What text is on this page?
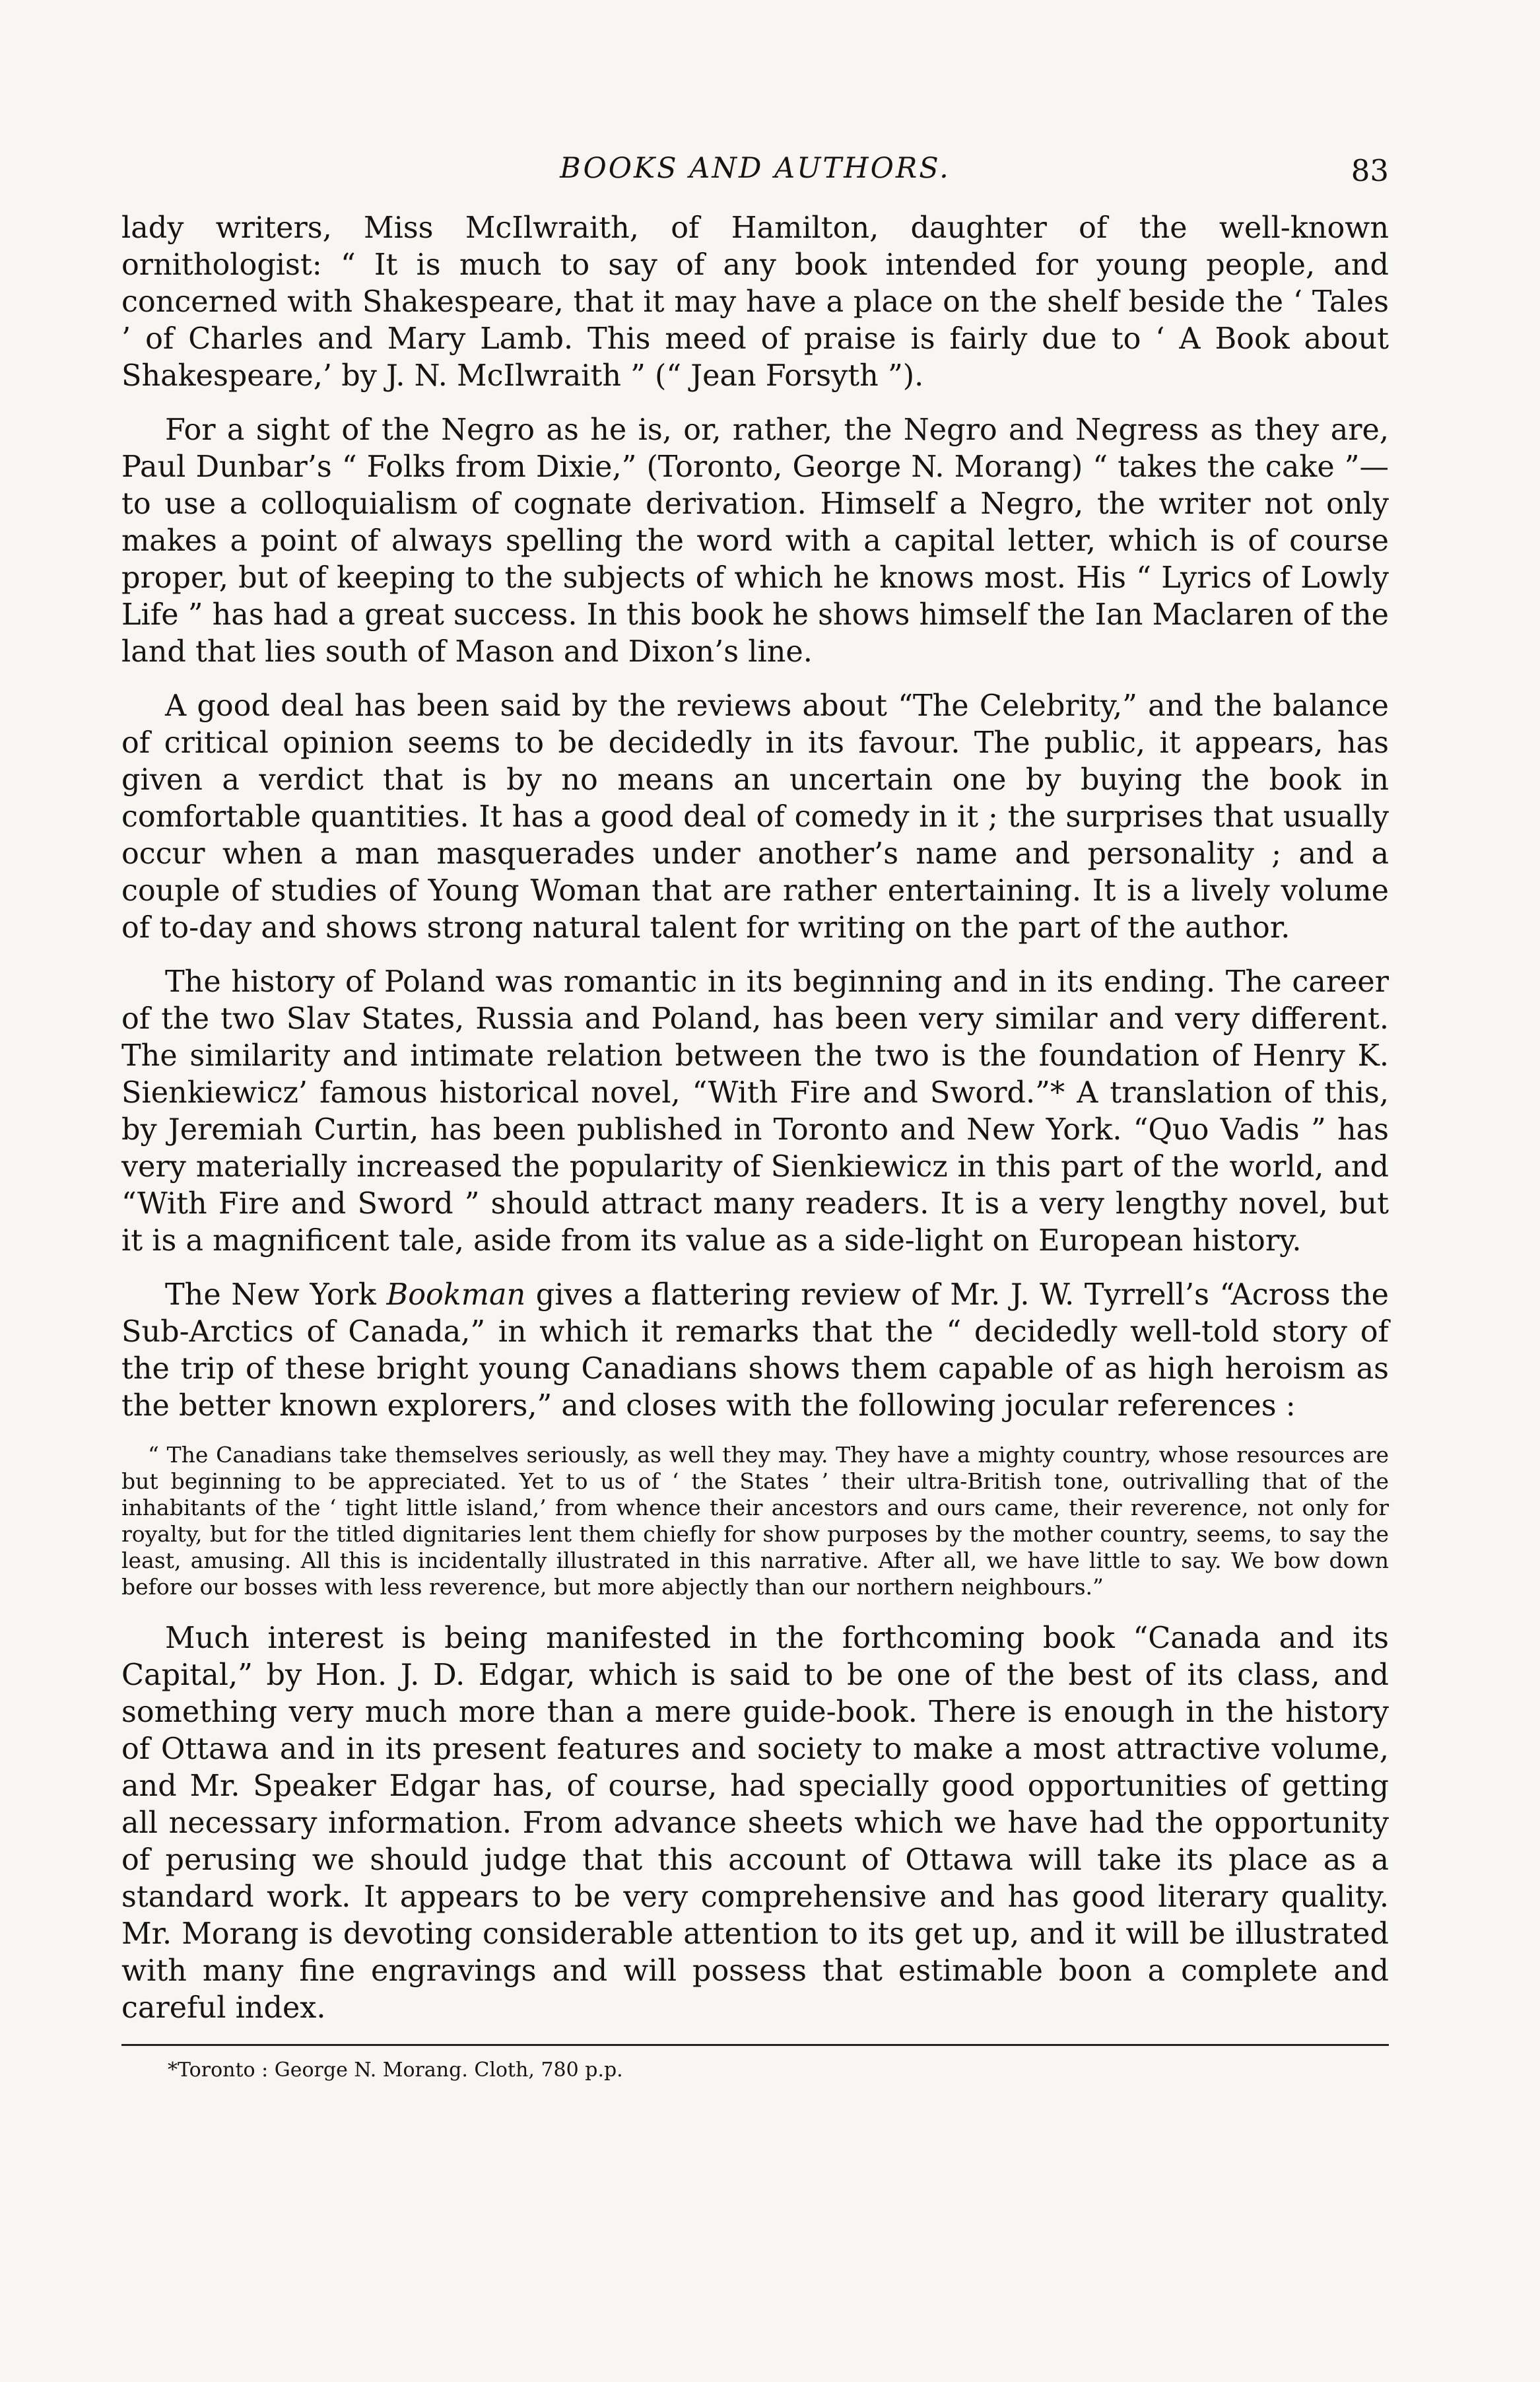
BOOKS AND AUTHORS.	83

lady writers, Miss McIlwraith, of Hamilton, daughter of the well-known ornithologist: “ It is much to say of any book intended for young people, and concerned with Shakespeare, that it may have a place on the shelf beside the ‘ Tales ’ of Charles and Mary Lamb. This meed of praise is fairly due to ‘ A Book about Shakespeare,’ by J. N. McIlwraith ” (“ Jean Forsyth ”).

For a sight of the Negro as he is, or, rather, the Negro and Negress as they are, Paul Dunbar’s “ Folks from Dixie,” (Toronto, George N. Morang) “ takes the cake ”—to use a colloquialism of cognate derivation. Himself a Negro, the writer not only makes a point of always spelling the word with a capital letter, which is of course proper, but of keeping to the subjects of which he knows most. His “ Lyrics of Lowly Life ” has had a great success. In this book he shows himself the Ian Maclaren of the land that lies south of Mason and Dixon’s line.

A good deal has been said by the reviews about “The Celebrity,” and the balance of critical opinion seems to be decidedly in its favour. The public, it appears, has given a verdict that is by no means an uncertain one by buying the book in comfortable quantities. It has a good deal of comedy in it ; the surprises that usually occur when a man masquerades under another’s name and personality ; and a couple of studies of Young Woman that are rather entertaining. It is a lively volume of to-day and shows strong natural talent for writing on the part of the author.

The history of Poland was romantic in its beginning and in its ending. The career of the two Slav States, Russia and Poland, has been very similar and very different. The similarity and intimate relation between the two is the foundation of Henry K. Sienkiewicz’ famous historical novel, “With Fire and Sword.”* A translation of this, by Jeremiah Curtin, has been published in Toronto and New York. “Quo Vadis ” has very materially increased the popularity of Sienkiewicz in this part of the world, and “With Fire and Sword ” should attract many readers. It is a very lengthy novel, but it is a magnificent tale, aside from its value as a side-light on European history.

The New York Bookman gives a flattering review of Mr. J. W. Tyrrell’s “Across the Sub-Arctics of Canada,” in which it remarks that the “ decidedly well-told story of the trip of these bright young Canadians shows them capable of as high heroism as the better known explorers,” and closes with the following jocular references :

“ The Canadians take themselves seriously, as well they may. They have a mighty country, whose resources are but beginning to be appreciated. Yet to us of ‘ the States ’ their ultra-British tone, outrivalling that of the inhabitants of the ‘ tight little island,’ from whence their ancestors and ours came, their reverence, not only for royalty, but for the titled dignitaries lent them chiefly for show purposes by the mother country, seems, to say the least, amusing. All this is incidentally illustrated in this narrative. After all, we have little to say. We bow down before our bosses with less reverence, but more abjectly than our northern neighbours.”

Much interest is being manifested in the forthcoming book “Canada and its Capital,” by Hon. J. D. Edgar, which is said to be one of the best of its class, and something very much more than a mere guide-book. There is enough in the history of Ottawa and in its present features and society to make a most attractive volume, and Mr. Speaker Edgar has, of course, had specially good opportunities of getting all necessary information. From advance sheets which we have had the opportunity of perusing we should judge that this account of Ottawa will take its place as a standard work. It appears to be very comprehensive and has good literary quality. Mr. Morang is devoting considerable attention to its get up, and it will be illustrated with many fine engravings and will possess that estimable boon a complete and careful index.

*Toronto : George N. Morang. Cloth, 780 p.p.
